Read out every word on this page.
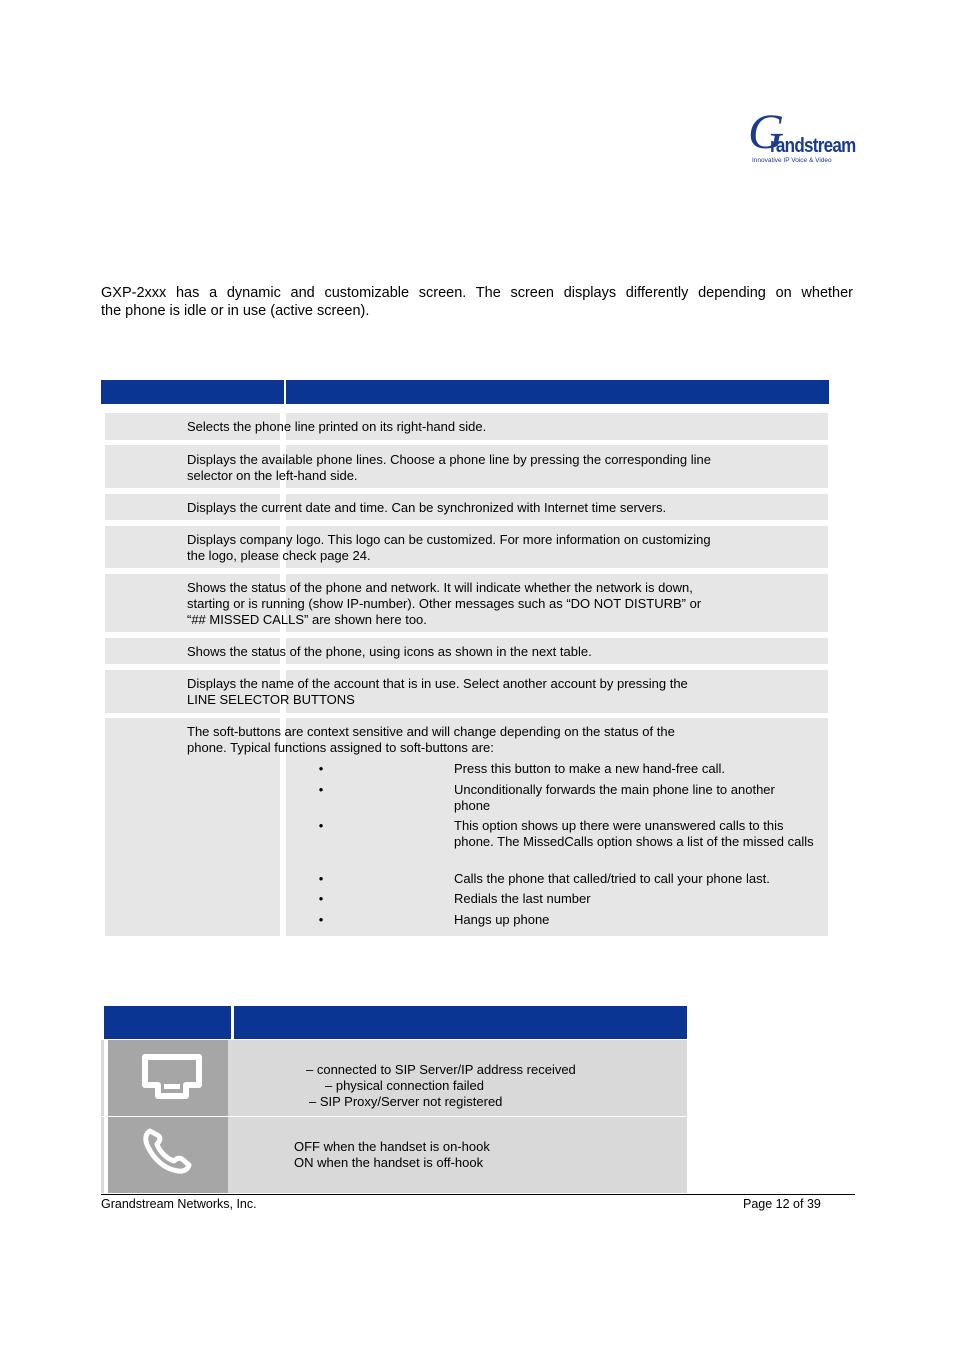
G
randstream
Innovative IP Voice & Video

GXP-2xxx has a dynamic and customizable screen. The screen displays differently depending on whether
the phone is idle or in use (active screen).

Selects the phone line printed on its right-hand side.
Displays the available phone lines. Choose a phone line by pressing the corresponding line selector on the left-hand side.
Displays the current date and time. Can be synchronized with Internet time servers.
Displays company logo. This logo can be customized. For more information on customizing the logo, please check page 24.
Shows the status of the phone and network. It will indicate whether the network is down, starting or is running (show IP-number). Other messages such as “DO NOT DISTURB” or “## MISSED CALLS” are shown here too.
Shows the status of the phone, using icons as shown in the next table.
Displays the name of the account that is in use. Select another account by pressing the LINE SELECTOR BUTTONS
The soft-buttons are context sensitive and will change depending on the status of the phone. Typical functions assigned to soft-buttons are:
•	Press this button to make a new hand-free call.
•	Unconditionally forwards the main phone line to another phone
•	This option shows up there were unanswered calls to this phone. The MissedCalls option shows a list of the missed calls
•	Calls the phone that called/tried to call your phone last.
•	Redials the last number
•	Hangs up phone
– connected to SIP Server/IP address received
– physical connection failed
– SIP Proxy/Server not registered
OFF when the handset is on-hook
ON when the handset is off-hook
Grandstream Networks, Inc.	Page 12 of 39
